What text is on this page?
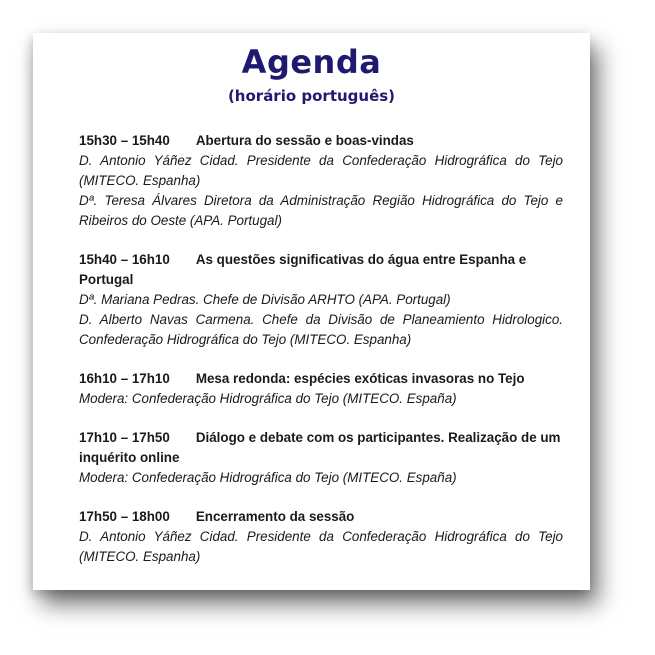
Agenda
(horário português)
15h30 – 15h40 Abertura do sessão e boas-vindas
D. Antonio Yáñez Cidad. Presidente da Confederação Hidrográfica do Tejo (MITECO. Espanha)
Dª. Teresa Álvares Diretora da Administração Região Hidrográfica do Tejo e Ribeiros do Oeste (APA. Portugal)
15h40 – 16h10 As questões significativas do água entre Espanha e Portugal
Dª. Mariana Pedras. Chefe de Divisão ARHTO (APA. Portugal)
D. Alberto Navas Carmena. Chefe da Divisão de Planeamiento Hidrologico. Confederação Hidrográfica do Tejo (MITECO. Espanha)
16h10 – 17h10 Mesa redonda: espécies exóticas invasoras no Tejo
Modera: Confederação Hidrográfica do Tejo (MITECO. España)
17h10 – 17h50 Diálogo e debate com os participantes. Realização de um inquérito online
Modera: Confederação Hidrográfica do Tejo (MITECO. España)
17h50 – 18h00 Encerramento da sessão
D. Antonio Yáñez Cidad. Presidente da Confederação Hidrográfica do Tejo (MITECO. Espanha)
